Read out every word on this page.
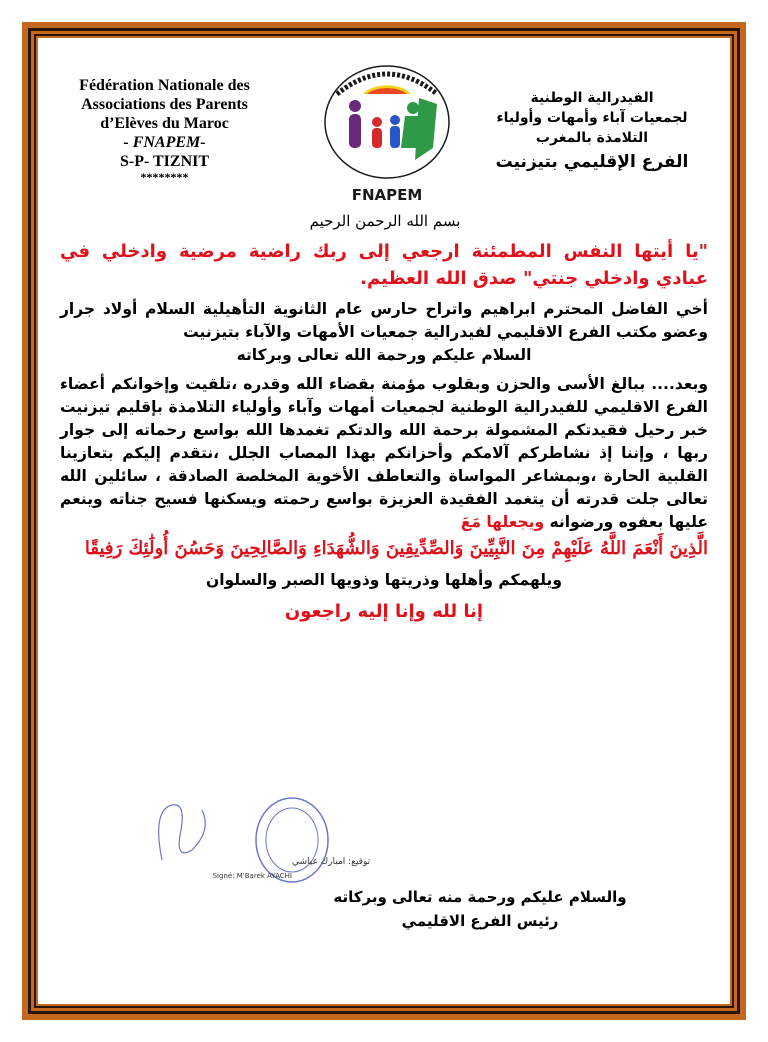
Fédération Nationale des
Associations des Parents
d’Elèves du Maroc
- FNAPEM-
S-P- TIZNIT
********
FNAPEM
الفيدرالية الوطنية
لجمعيات آباء وأمهات وأولياء
التلامذة بالمغرب
الفرع الإقليمي بتيزنيت
بسم الله الرحمن الرحيم

"يا أيتها النفس المطمئنة ارجعي إلى ربك راضية مرضية وادخلي في عبادي وادخلي جنتي" صدق الله العظيم.

أخي الفاضل المحترم ابراهيم واتراح حارس عام الثانوية التأهيلية السلام أولاد جرار وعضو مكتب الفرع الاقليمي لفيدرالية جمعيات الأمهات والآباء بتيزنيت

السلام عليكم ورحمة الله تعالى وبركاته

وبعد.... ببالغ الأسى والحزن وبقلوب مؤمنة بقضاء الله وقدره ،تلقيت وإخوانكم أعضاء الفرع الاقليمي للفيدرالية الوطنية لجمعيات أمهات وآباء وأولياء التلامذة بإقليم تيزنيت خبر رحيل فقيدتكم المشمولة برحمة الله والدتكم تغمدها الله بواسع رحماته إلى جوار ربها ، وإننا إذ نشاطركم آلامكم وأحزانكم بهذا المصاب الجلل ،نتقدم إليكم بتعازينا القلبية الحارة ،وبمشاعر المواساة والتعاطف الأخوية المخلصة الصادقة ، سائلين الله تعالى جلت قدرته أن يتغمد الفقيدة العزيزة بواسع رحمته ويسكنها فسيح جناته وينعم عليها بعفوه ورضوانه ويجعلها مَعَ

الَّذِينَ أَنْعَمَ اللَّهُ عَلَيْهِمْ مِنَ النَّبِيِّينَ وَالصِّدِّيقِينَ وَالشُّهَدَاءِ وَالصَّالِحِينَ وَحَسُنَ أُولَٰئِكَ رَفِيقًا

ويلهمكم وأهلها وذريتها وذويها الصبر والسلوان

إنا لله وإنا إليه راجعون

والسلام عليكم ورحمة منه تعالى وبركاته
رئيس الفرع الاقليمي
توقيع: امبارك عياشي
Signé: M'Barek AYACHI
